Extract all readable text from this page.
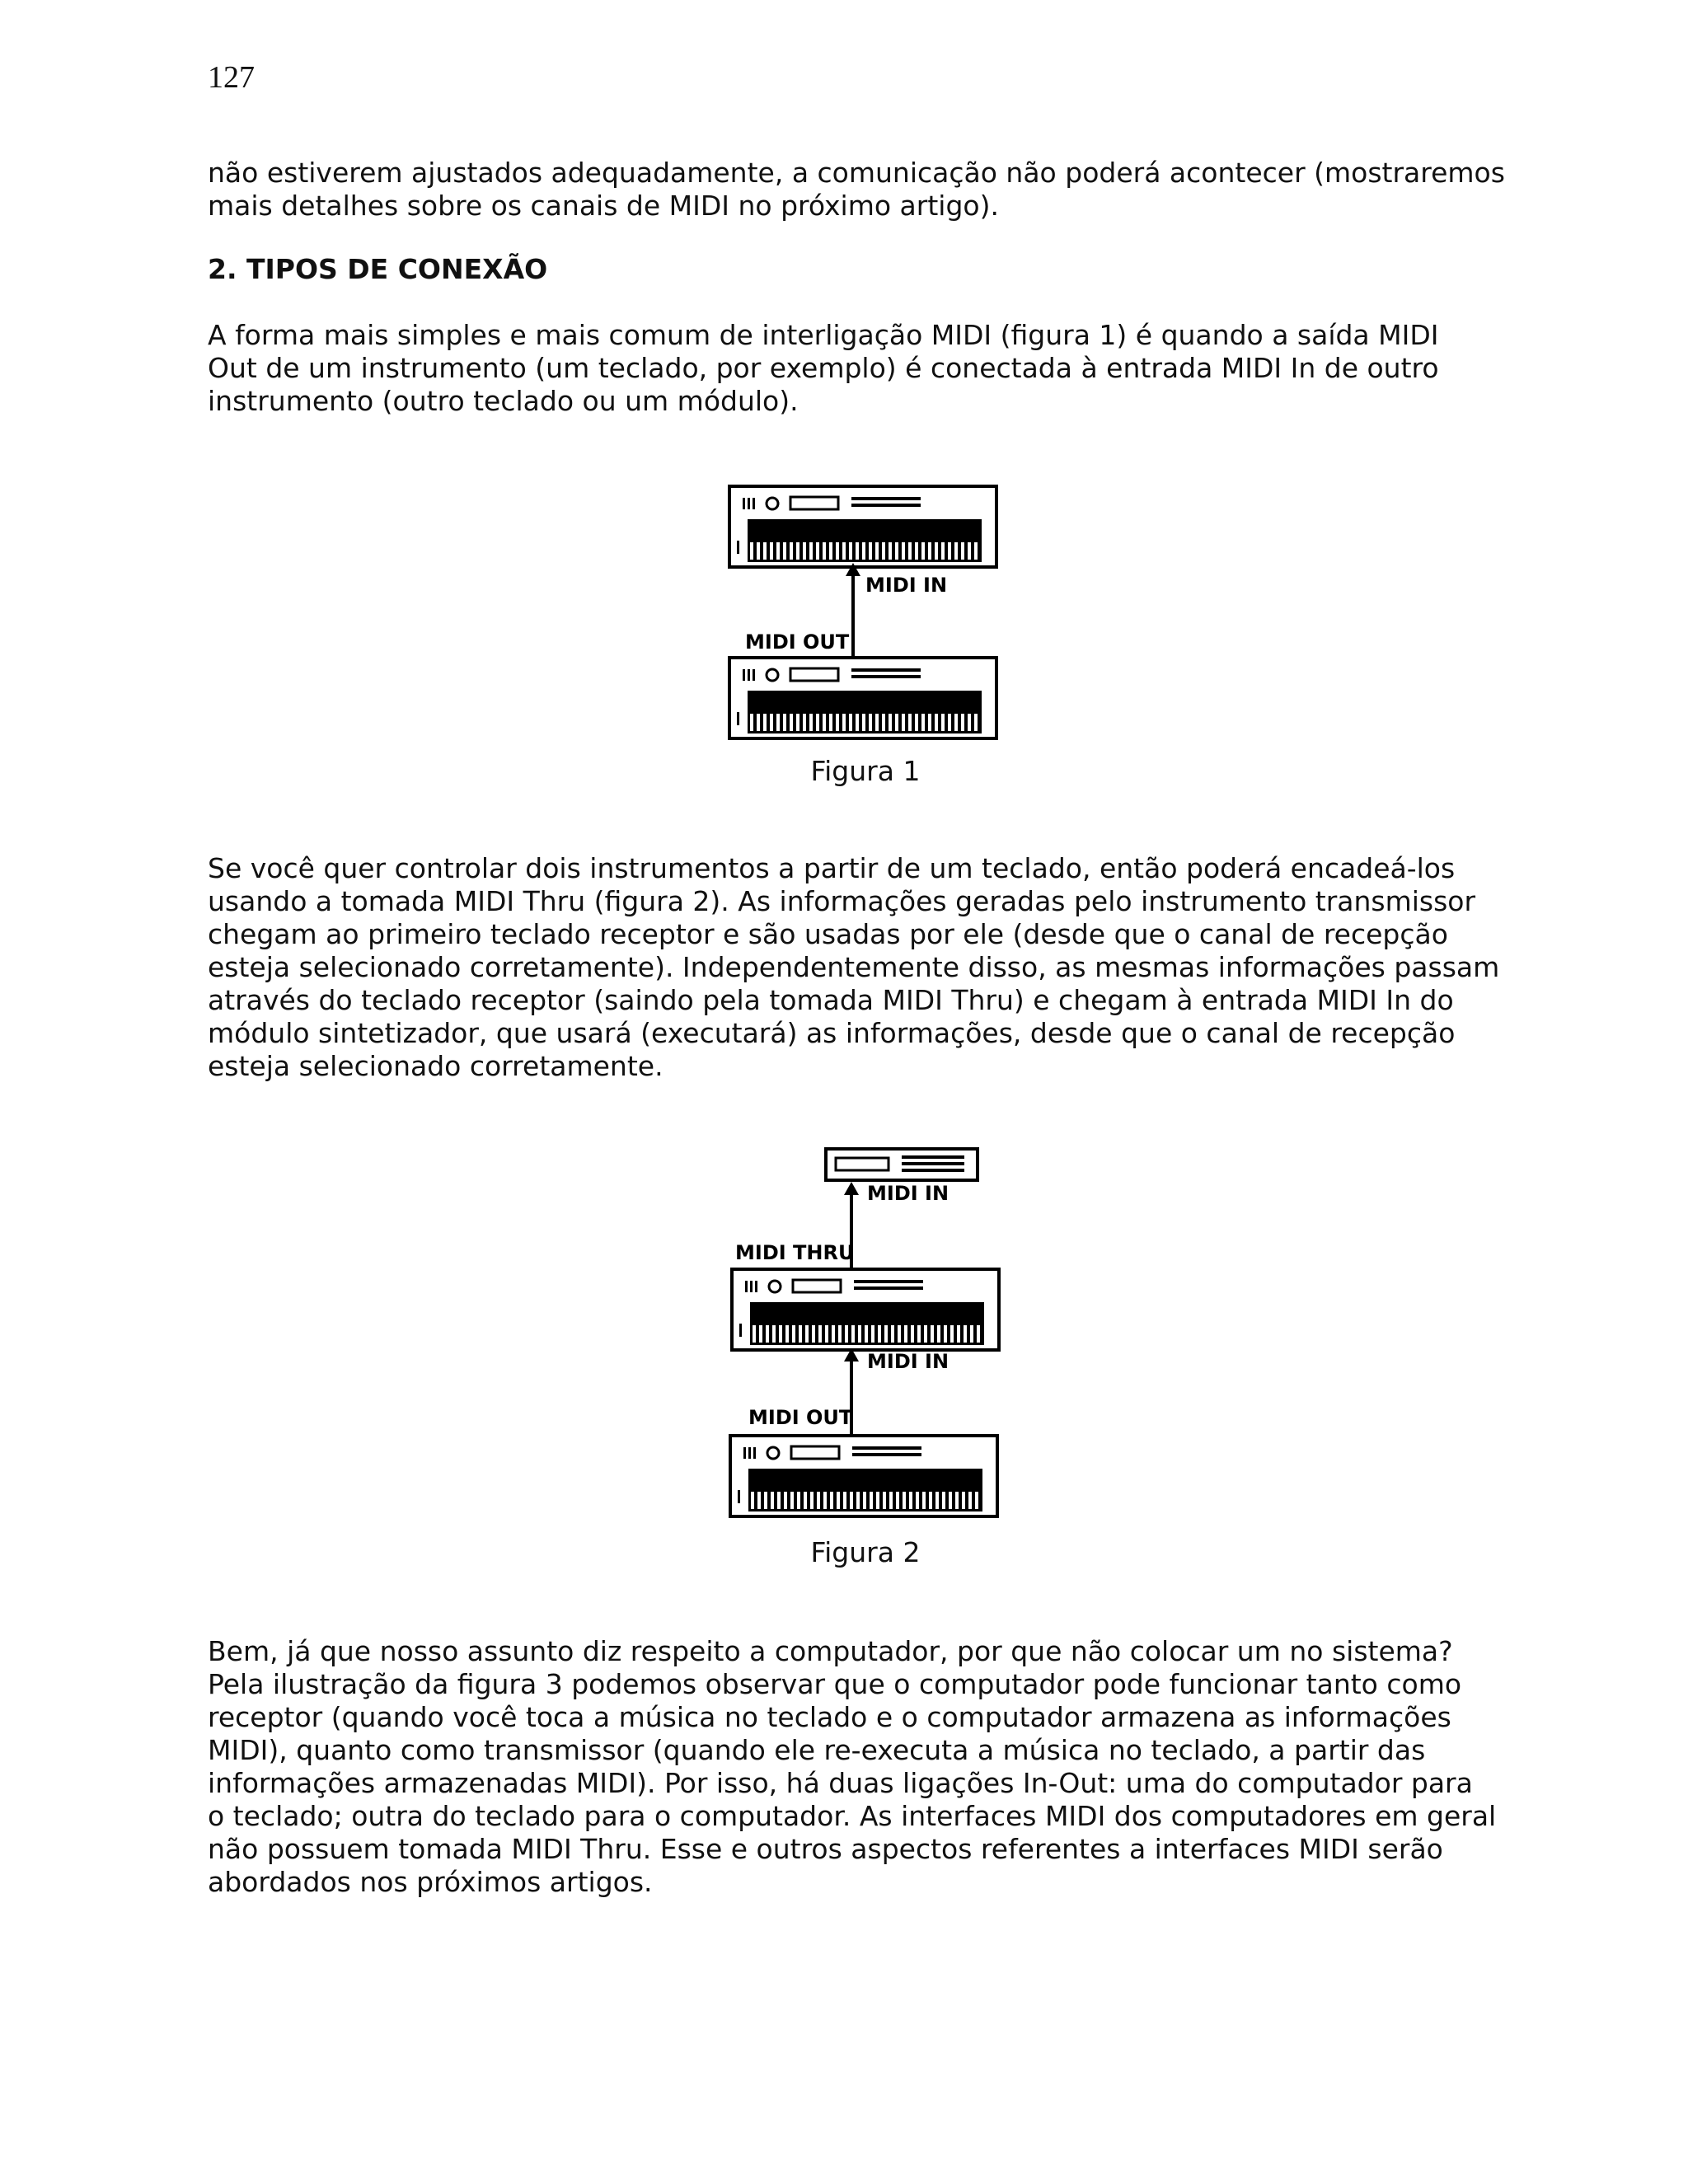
127
não estiverem ajustados adequadamente, a comunicação não poderá acontecer (mostraremos
mais detalhes sobre os canais de MIDI no próximo artigo).
2. TIPOS DE CONEXÃO
A forma mais simples e mais comum de interligação MIDI (figura 1) é quando a saída MIDI
Out de um instrumento (um teclado, por exemplo) é conectada à entrada MIDI In de outro
instrumento (outro teclado ou um módulo).
MIDI IN
MIDI OUT
Figura 1
Se você quer controlar dois instrumentos a partir de um teclado, então poderá encadeá-los
usando a tomada MIDI Thru (figura 2). As informações geradas pelo instrumento transmissor
chegam ao primeiro teclado receptor e são usadas por ele (desde que o canal de recepção
esteja selecionado corretamente). Independentemente disso, as mesmas informações passam
através do teclado receptor (saindo pela tomada MIDI Thru) e chegam à entrada MIDI In do
módulo sintetizador, que usará (executará) as informações, desde que o canal de recepção
esteja selecionado corretamente.
MIDI IN
MIDI THRU
MIDI IN
MIDI OUT
Figura 2
Bem, já que nosso assunto diz respeito a computador, por que não colocar um no sistema?
Pela ilustração da figura 3 podemos observar que o computador pode funcionar tanto como
receptor (quando você toca a música no teclado e o computador armazena as informações
MIDI), quanto como transmissor (quando ele re-executa a música no teclado, a partir das
informações armazenadas MIDI). Por isso, há duas ligações In-Out: uma do computador para
o teclado; outra do teclado para o computador. As interfaces MIDI dos computadores em geral
não possuem tomada MIDI Thru. Esse e outros aspectos referentes a interfaces MIDI serão
abordados nos próximos artigos.
